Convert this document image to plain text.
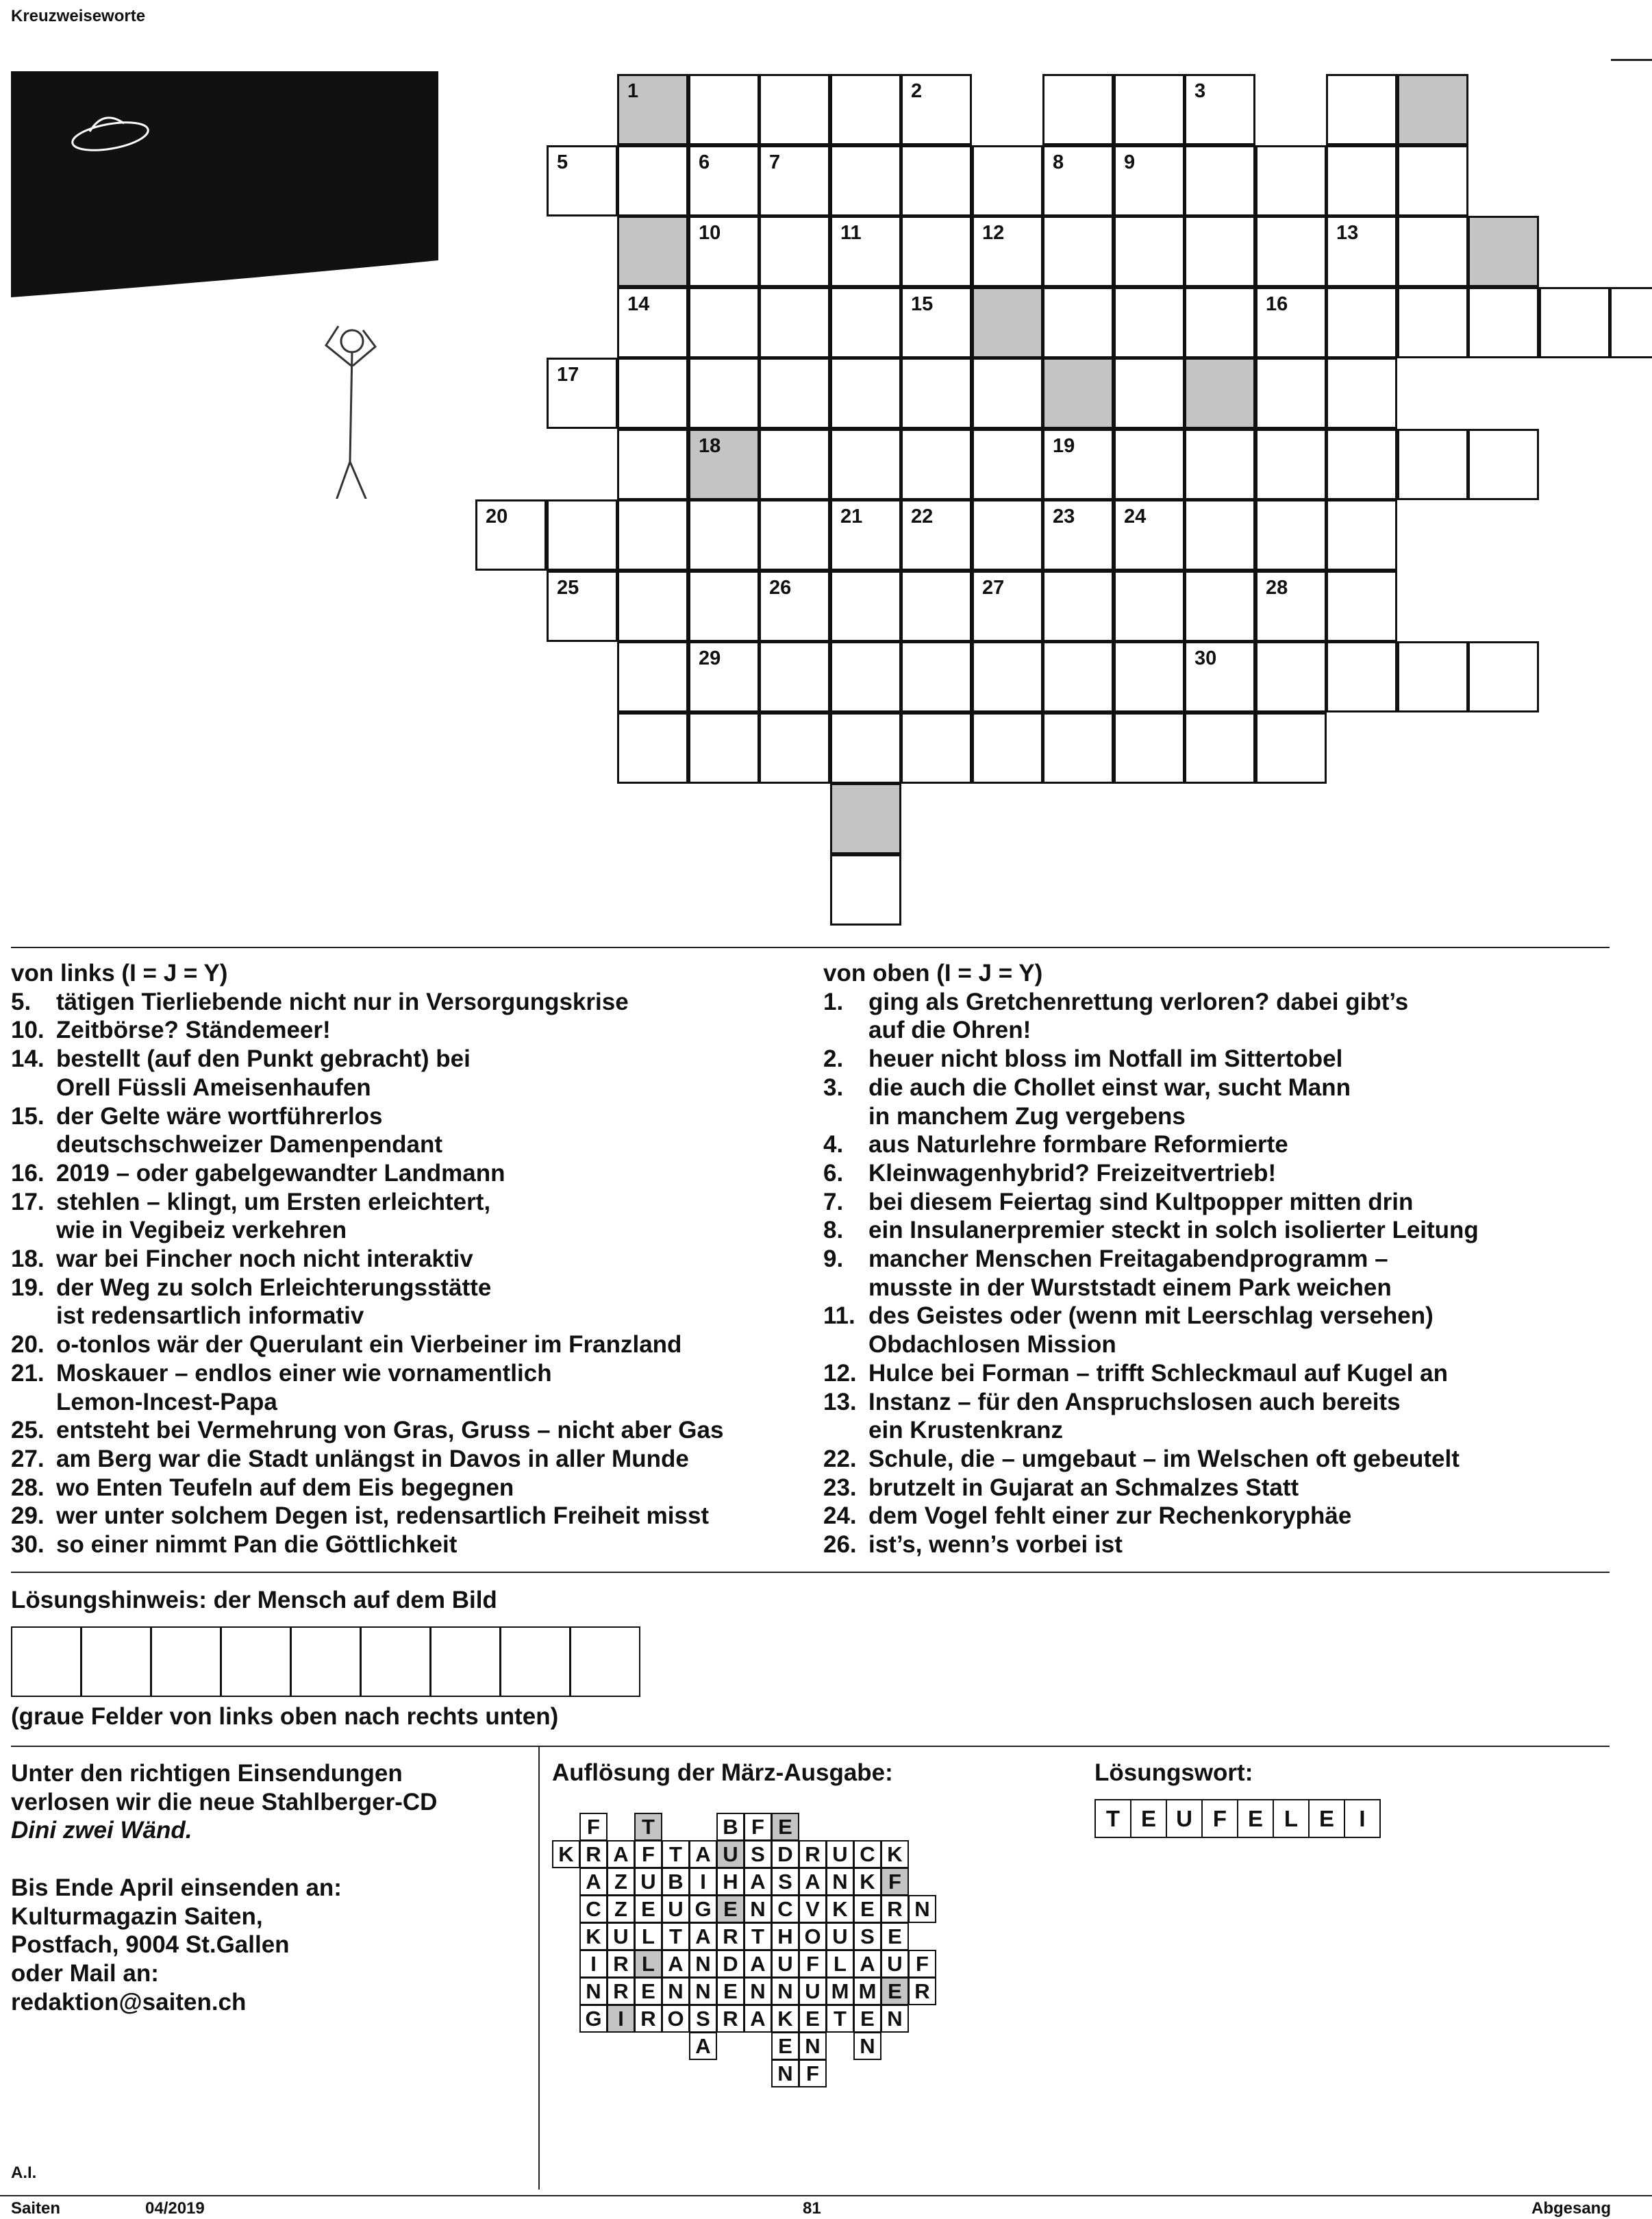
Kreuzweiseworte
1	2	3
5	6	7	8	9
10	11	12	13
14	15	16
17
18	19
20	21 22	23 24
25	26	27	28
29	30
von links (I = J = Y)
5.	tätigen Tierliebende nicht nur in Versorgungskrise
10. Zeitbörse? Ständemeer!
14. bestellt (auf den Punkt gebracht) bei
Orell Füssli Ameisenhaufen
15. der Gelte wäre wortführerlos
deutschschweizer Damenpendant
16. 2019 – oder gabelgewandter Landmann
17. stehlen – klingt, um Ersten erleichtert,
wie in Vegibeiz verkehren
18. war bei Fincher noch nicht interaktiv
19. der Weg zu solch Erleichterungsstätte
ist redensartlich informativ
20. o-tonlos wär der Querulant ein Vierbeiner im Franzland
21. Moskauer – endlos einer wie vornamentlich
Lemon-Incest-Papa
25. entsteht bei Vermehrung von Gras, Gruss – nicht aber Gas
27. am Berg war die Stadt unlängst in Davos in aller Munde
28. wo Enten Teufeln auf dem Eis begegnen
29. wer unter solchem Degen ist, redensartlich Freiheit misst
30. so einer nimmt Pan die Göttlichkeit
von oben (I = J = Y)
1.	ging als Gretchenrettung verloren? dabei gibt’s
auf die Ohren!
2.	heuer nicht bloss im Notfall im Sittertobel
3.	die auch die Chollet einst war, sucht Mann
in manchem Zug vergebens
4.	aus Naturlehre formbare Reformierte
6.	Kleinwagenhybrid? Freizeitvertrieb!
7.	bei diesem Feiertag sind Kultpopper mitten drin
8.	ein Insulanerpremier steckt in solch isolierter Leitung
9.	mancher Menschen Freitagabendprogramm –
musste in der Wurststadt einem Park weichen
11. des Geistes oder (wenn mit Leerschlag versehen)
Obdachlosen Mission
12. Hulce bei Forman – trifft Schleckmaul auf Kugel an
13. Instanz – für den Anspruchslosen auch bereits
ein Krustenkranz
22. Schule, die – umgebaut – im Welschen oft gebeutelt
23. brutzelt in Gujarat an Schmalzes Statt
24. dem Vogel fehlt einer zur Rechenkoryphäe
26. ist’s, wenn’s vorbei ist
Lösungshinweis: der Mensch auf dem Bild
(graue Felder von links oben nach rechts unten)
Unter den richtigen Einsendungen
verlosen wir die neue Stahlberger-CD
Dini zwei Wänd.
Bis Ende April einsenden an:
Kulturmagazin Saiten,
Postfach, 9004 St.Gallen
oder Mail an:
redaktion@saiten.ch
Auflösung der März-Ausgabe:
F	T	B F E
K R A F T A U S D R U C K
A Z U B I H A S A N K F
C Z E U G E N C V K E R N
K U L T A R T H O U S E
I R L A N D A U F L A U F
N R E N N E N N U M M E R
G I R O S R A K E T E N
A	E N	N
N F
Lösungswort:
T E U F E L E	I
A.I.
Saiten	04/2019	81	Abgesang
